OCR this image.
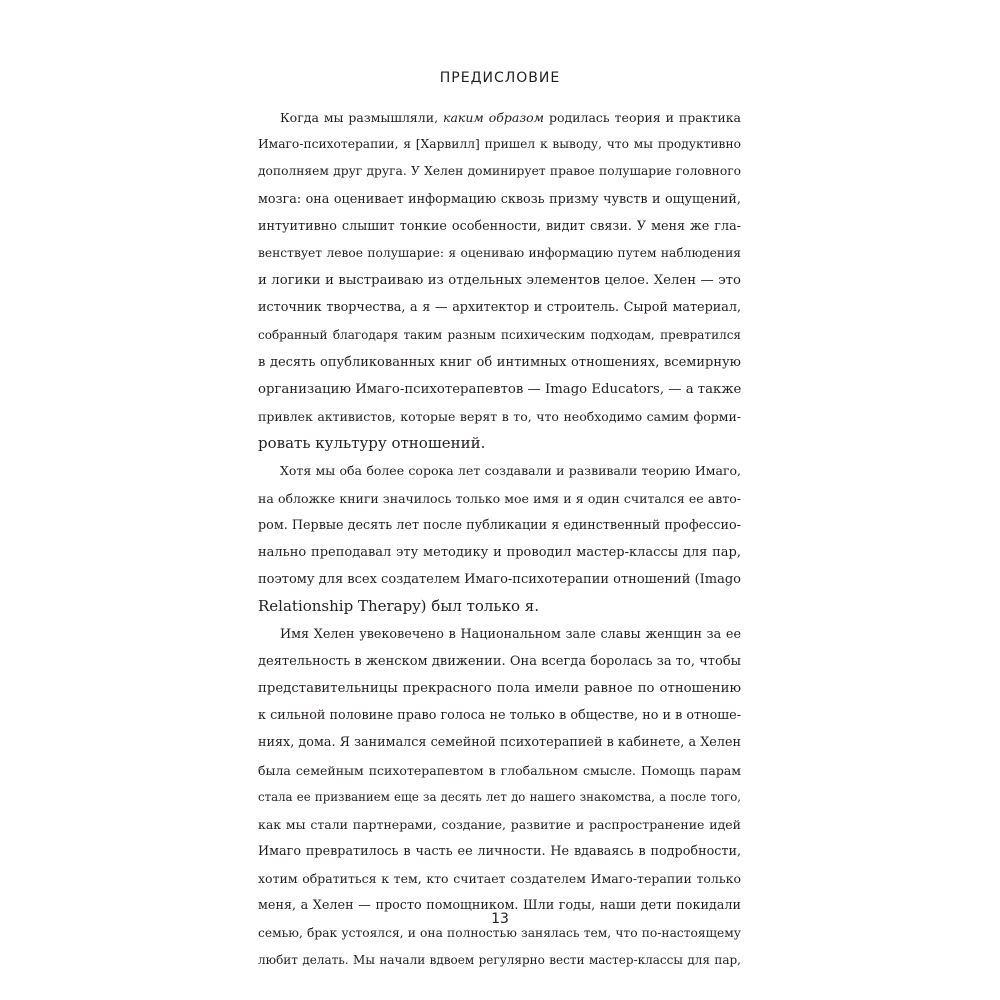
ПРЕДИСЛОВИЕ
Когда мы размышляли, каким образом родилась теория и практика
Имаго-психотерапии, я [Харвилл] пришел к выводу, что мы продуктивно
дополняем друг друга. У Хелен доминирует правое полушарие головного
мозга: она оценивает информацию сквозь призму чувств и ощущений,
интуитивно слышит тонкие особенности, видит связи. У меня же гла-
венствует левое полушарие: я оцениваю информацию путем наблюдения
и логики и выстраиваю из отдельных элементов целое. Хелен — это
источник творчества, а я — архитектор и строитель. Сырой материал,
собранный благодаря таким разным психическим подходам, превратился
в десять опубликованных книг об интимных отношениях, всемирную
организацию Имаго-психотерапевтов — Imago Educators, — а также
привлек активистов, которые верят в то, что необходимо самим форми-
ровать культуру отношений.
Хотя мы оба более сорока лет создавали и развивали теорию Имаго,
на обложке книги значилось только мое имя и я один считался ее авто-
ром. Первые десять лет после публикации я единственный профессио-
нально преподавал эту методику и проводил мастер-классы для пар,
поэтому для всех создателем Имаго-психотерапии отношений (Imago
Relationship Therapy) был только я.
Имя Хелен увековечено в Национальном зале славы женщин за ее
деятельность в женском движении. Она всегда боролась за то, чтобы
представительницы прекрасного пола имели равное по отношению
к сильной половине право голоса не только в обществе, но и в отноше-
ниях, дома. Я занимался семейной психотерапией в кабинете, а Хелен
была семейным психотерапевтом в глобальном смысле. Помощь парам
стала ее призванием еще за десять лет до нашего знакомства, а после того,
как мы стали партнерами, создание, развитие и распространение идей
Имаго превратилось в часть ее личности. Не вдаваясь в подробности,
хотим обратиться к тем, кто считает создателем Имаго-терапии только
меня, а Хелен — просто помощником. Шли годы, наши дети покидали
семью, брак устоялся, и она полностью занялась тем, что по-настоящему
любит делать. Мы начали вдвоем регулярно вести мастер-классы для пар,
13
